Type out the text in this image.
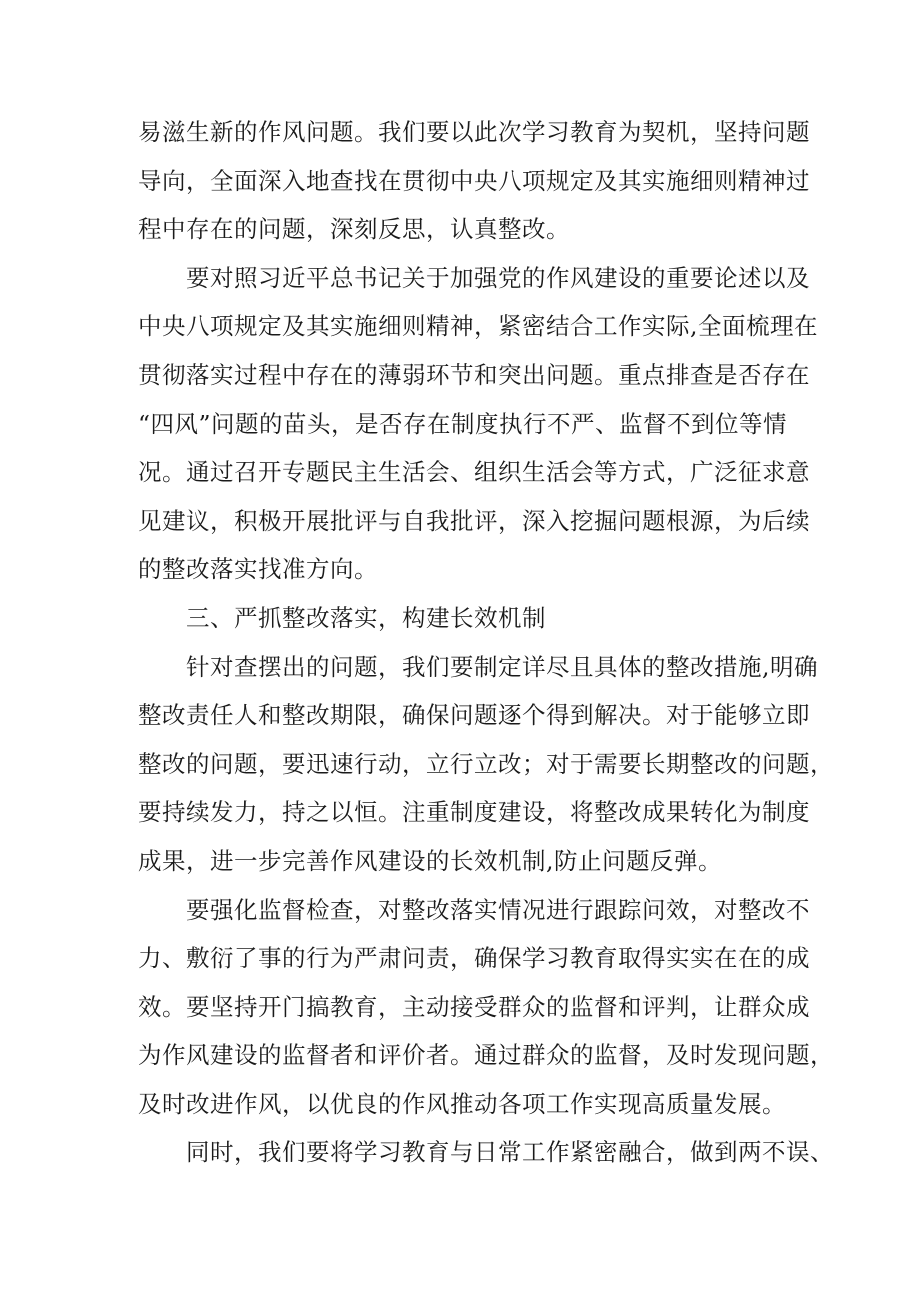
易滋生新的作风问题。我们要以此次学习教育为契机，坚持问题
导向，全面深入地查找在贯彻中央八项规定及其实施细则精神过
程中存在的问题，深刻反思，认真整改。
要对照习近平总书记关于加强党的作风建设的重要论述以及
中央八项规定及其实施细则精神，紧密结合工作实际,全面梳理在
贯彻落实过程中存在的薄弱环节和突出问题。重点排查是否存在
“四风”问题的苗头，是否存在制度执行不严、监督不到位等情
况。通过召开专题民主生活会、组织生活会等方式，广泛征求意
见建议，积极开展批评与自我批评，深入挖掘问题根源，为后续
的整改落实找准方向。
三、严抓整改落实，构建长效机制
针对查摆出的问题，我们要制定详尽且具体的整改措施,明确
整改责任人和整改期限，确保问题逐个得到解决。对于能够立即
整改的问题，要迅速行动，立行立改；对于需要长期整改的问题，
要持续发力，持之以恒。注重制度建设，将整改成果转化为制度
成果，进一步完善作风建设的长效机制,防止问题反弹。
要强化监督检查，对整改落实情况进行跟踪问效，对整改不
力、敷衍了事的行为严肃问责，确保学习教育取得实实在在的成
效。要坚持开门搞教育，主动接受群众的监督和评判，让群众成
为作风建设的监督者和评价者。通过群众的监督，及时发现问题，
及时改进作风，以优良的作风推动各项工作实现高质量发展。
同时，我们要将学习教育与日常工作紧密融合，做到两不误、
